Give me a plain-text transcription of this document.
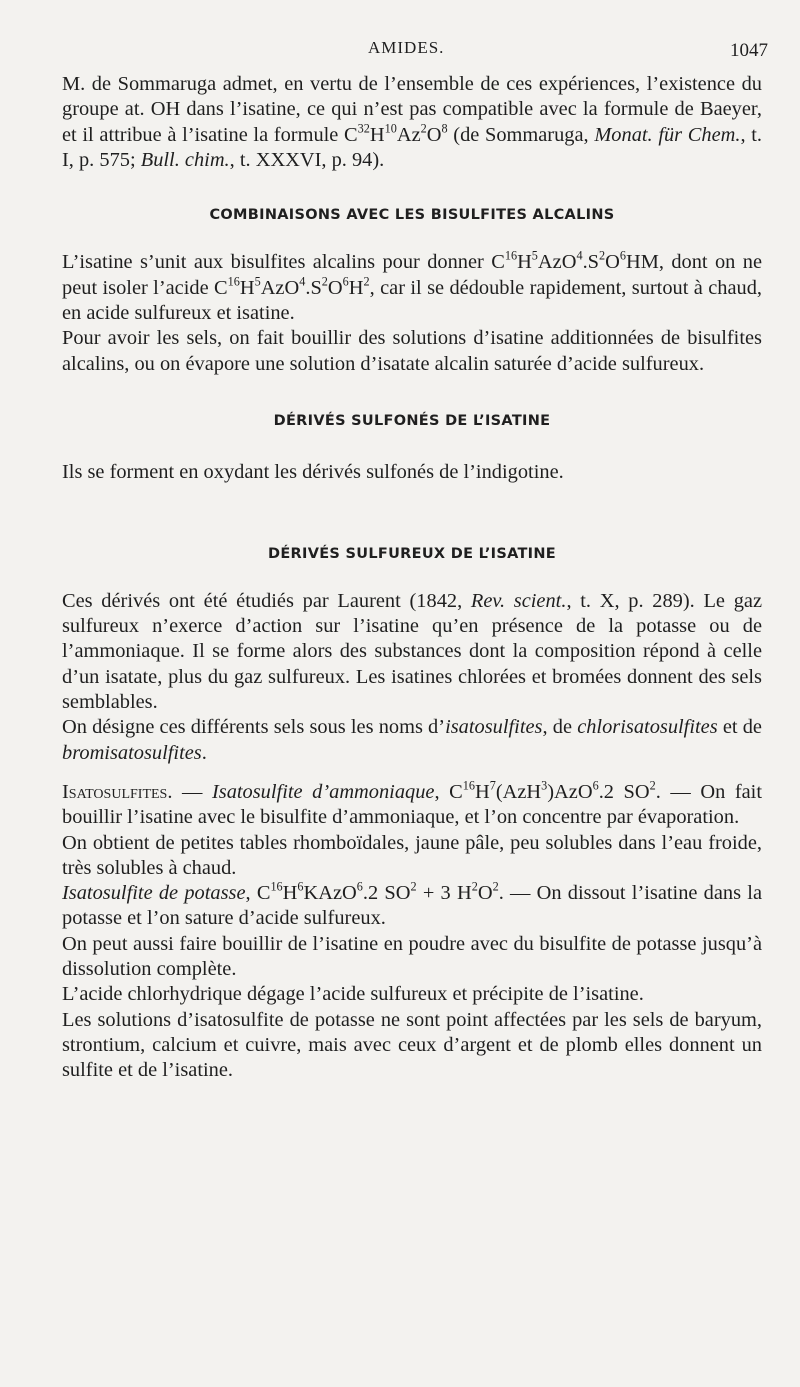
AMIDES.	1047

M. de Sommaruga admet, en vertu de l’ensemble de ces expériences, l’existence du groupe at. OH dans l’isatine, ce qui n’est pas compatible avec la formule de Baeyer, et il attribue à l’isatine la formule $C^{32}H^{10}Az^2O^8$ (de Sommaruga, Monat. für Chem., t. I, p. 575; Bull. chim., t. XXXVI, p. 94).

COMBINAISONS AVEC LES BISULFITES ALCALINS

L’isatine s’unit aux bisulfites alcalins pour donner $C^{16}H^5AzO^4.S^2O^6HM$, dont on ne peut isoler l’acide $C^{16}H^5AzO^4.S^2O^6H^2$, car il se dédouble rapidement, surtout à chaud, en acide sulfureux et isatine.

Pour avoir les sels, on fait bouillir des solutions d’isatine additionnées de bisulfites alcalins, ou on évapore une solution d’isatate alcalin saturée d’acide sulfureux.

DÉRIVÉS SULFONÉS DE L’ISATINE

Ils se forment en oxydant les dérivés sulfonés de l’indigotine.

DÉRIVÉS SULFUREUX DE L’ISATINE

Ces dérivés ont été étudiés par Laurent (1842, Rev. scient., t. X, p. 289). Le gaz sulfureux n’exerce d’action sur l’isatine qu’en présence de la potasse ou de l’ammoniaque. Il se forme alors des substances dont la composition répond à celle d’un isatate, plus du gaz sulfureux. Les isatines chlorées et bromées donnent des sels semblables.

On désigne ces différents sels sous les noms d’isatosulfites, de chlorisatosulfites et de bromisatosulfites.

Isatosulfites. — Isatosulfite d’ammoniaque, $C^{16}H^7(AzH^3)AzO^6.2$ $SO^2$. — On fait bouillir l’isatine avec le bisulfite d’ammoniaque, et l’on concentre par évaporation.

On obtient de petites tables rhomboïdales, jaune pâle, peu solubles dans l’eau froide, très solubles à chaud.

Isatosulfite de potasse, $C^{16}H^6KAzO^6.2$ $SO^2 + 3$ $H^2O^2$. — On dissout l’isatine dans la potasse et l’on sature d’acide sulfureux.

On peut aussi faire bouillir de l’isatine en poudre avec du bisulfite de potasse jusqu’à dissolution complète.

L’acide chlorhydrique dégage l’acide sulfureux et précipite de l’isatine.

Les solutions d’isatosulfite de potasse ne sont point affectées par les sels de baryum, strontium, calcium et cuivre, mais avec ceux d’argent et de plomb elles donnent un sulfite et de l’isatine.
